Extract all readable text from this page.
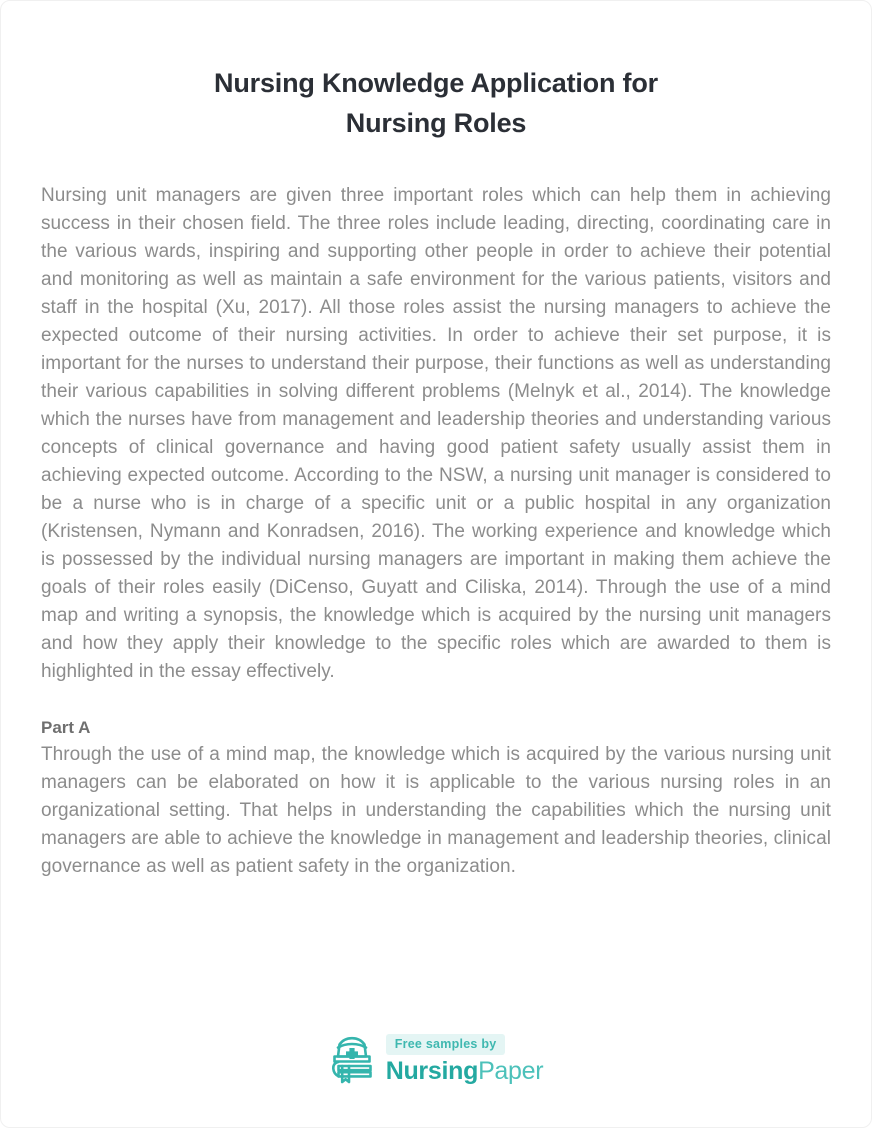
Nursing Knowledge Application for
Nursing Roles

Nursing unit managers are given three important roles which can help them in achieving success in their chosen field. The three roles include leading, directing, coordinating care in the various wards, inspiring and supporting other people in order to achieve their potential and monitoring as well as maintain a safe environment for the various patients, visitors and staff in the hospital (Xu, 2017). All those roles assist the nursing managers to achieve the expected outcome of their nursing activities. In order to achieve their set purpose, it is important for the nurses to understand their purpose, their functions as well as understanding their various capabilities in solving different problems (Melnyk et al., 2014). The knowledge which the nurses have from management and leadership theories and understanding various concepts of clinical governance and having good patient safety usually assist them in achieving expected outcome. According to the NSW, a nursing unit manager is considered to be a nurse who is in charge of a specific unit or a public hospital in any organization (Kristensen, Nymann and Konradsen, 2016). The working experience and knowledge which is possessed by the individual nursing managers are important in making them achieve the goals of their roles easily (DiCenso, Guyatt and Ciliska, 2014). Through the use of a mind map and writing a synopsis, the knowledge which is acquired by the nursing unit managers and how they apply their knowledge to the specific roles which are awarded to them is highlighted in the essay effectively.

Part A

Through the use of a mind map, the knowledge which is acquired by the various nursing unit managers can be elaborated on how it is applicable to the various nursing roles in an organizational setting. That helps in understanding the capabilities which the nursing unit managers are able to achieve the knowledge in management and leadership theories, clinical governance as well as patient safety in the organization.

Free samples by
NursingPaper
